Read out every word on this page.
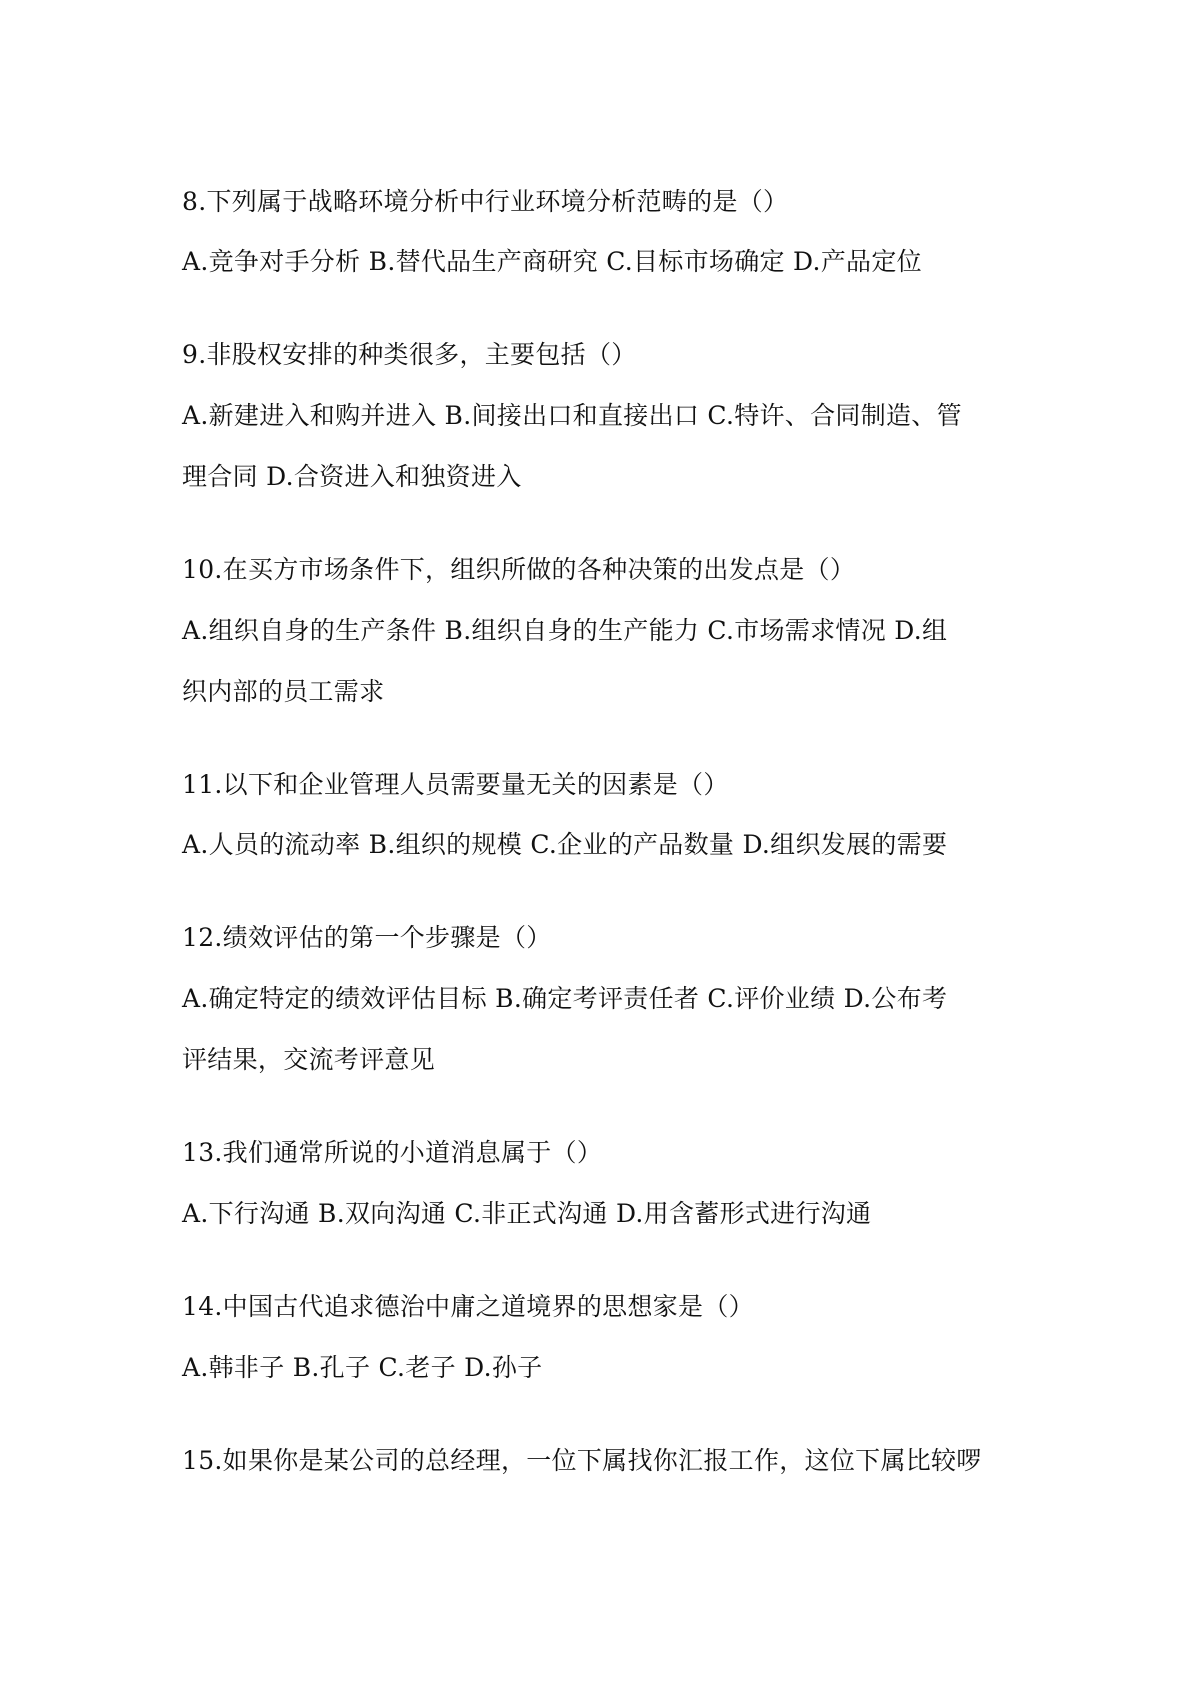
8.下列属于战略环境分析中行业环境分析范畴的是（）
A.竞争对手分析 B.替代品生产商研究 C.目标市场确定 D.产品定位
9.非股权安排的种类很多，主要包括（）
A.新建进入和购并进入 B.间接出口和直接出口 C.特许、合同制造、管
理合同 D.合资进入和独资进入
10.在买方市场条件下，组织所做的各种决策的出发点是（）
A.组织自身的生产条件 B.组织自身的生产能力 C.市场需求情况 D.组
织内部的员工需求
11.以下和企业管理人员需要量无关的因素是（）
A.人员的流动率 B.组织的规模 C.企业的产品数量 D.组织发展的需要
12.绩效评估的第一个步骤是（）
A.确定特定的绩效评估目标 B.确定考评责任者 C.评价业绩 D.公布考
评结果，交流考评意见
13.我们通常所说的小道消息属于（）
A.下行沟通 B.双向沟通 C.非正式沟通 D.用含蓄形式进行沟通
14.中国古代追求德治中庸之道境界的思想家是（）
A.韩非子 B.孔子 C.老子 D.孙子
15.如果你是某公司的总经理，一位下属找你汇报工作，这位下属比较啰
